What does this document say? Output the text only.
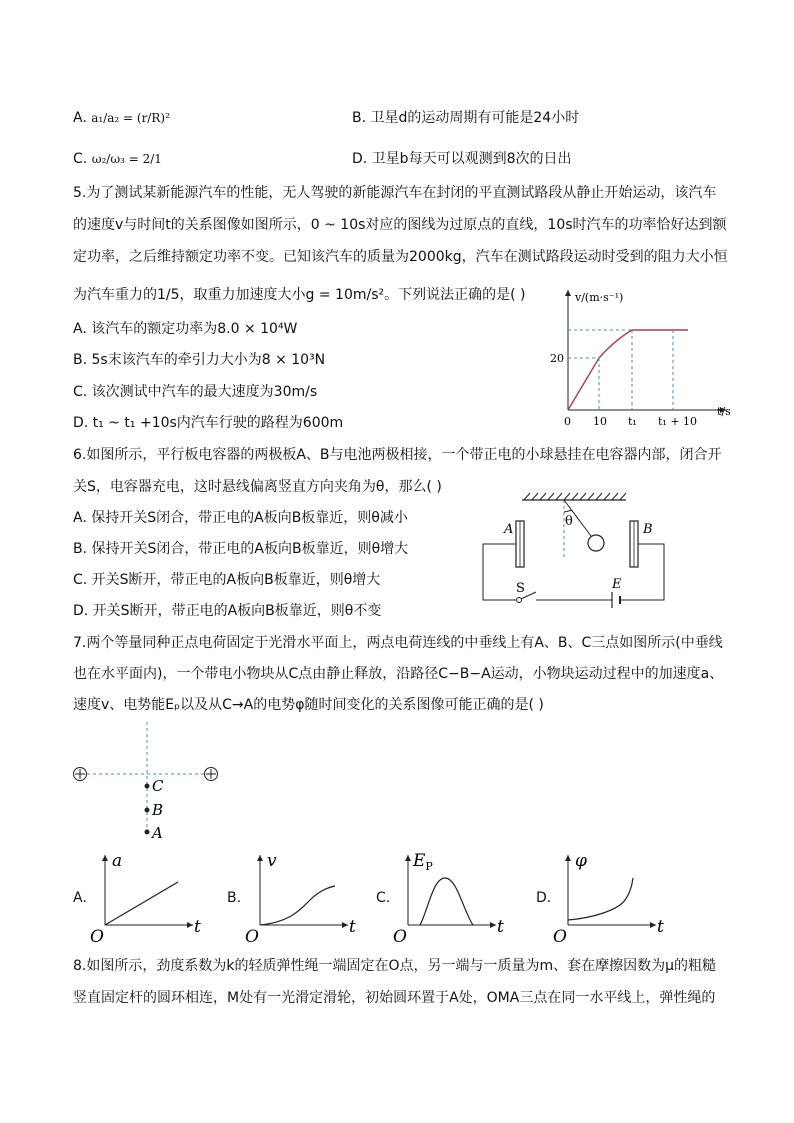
A. a₁/a₂ = (r/R)²	B. 卫星d的运动周期有可能是24小时
C. ω₂/ω₃ = 2/1	D. 卫星b每天可以观测到8次的日出
5.为了测试某新能源汽车的性能，无人驾驶的新能源汽车在封闭的平直测试路段从静止开始运动，该汽车
的速度v与时间t的关系图像如图所示，0 ~ 10s对应的图线为过原点的直线，10s时汽车的功率恰好达到额
定功率，之后维持额定功率不变。已知该汽车的质量为2000kg，汽车在测试路段运动时受到的阻力大小恒
为汽车重力的1/5，取重力加速度大小g = 10m/s²。下列说法正确的是( )
A. 该汽车的额定功率为8.0 × 10⁴W
B. 5s末该汽车的牵引力大小为8 × 10³N
C. 该次测试中汽车的最大速度为30m/s
D. t₁ ~ t₁ +10s内汽车行驶的路程为600m
v/(m·s⁻¹)
t/s
20
0 10 t₁ t₁ + 10
6.如图所示，平行板电容器的两极板A、B与电池两极相接，一个带正电的小球悬挂在电容器内部，闭合开
关S，电容器充电，这时悬线偏离竖直方向夹角为θ，那么( )
A. 保持开关S闭合，带正电的A板向B板靠近，则θ减小
B. 保持开关S闭合，带正电的A板向B板靠近，则θ增大
C. 开关S断开，带正电的A板向B板靠近，则θ增大
D. 开关S断开，带正电的A板向B板靠近，则θ不变
θ
A	B
S	E
7.两个等量同种正点电荷固定于光滑水平面上，两点电荷连线的中垂线上有A、B、C三点如图所示(中垂线
也在水平面内)，一个带电小物块从C点由静止释放，沿路径C−B−A运动，小物块运动过程中的加速度a、
速度v、电势能Eₚ以及从C→A的电势φ随时间变化的关系图像可能正确的是( )
C
B
A
A.
a
t
O
B.
v
t
O
C.
$E_P$
t
O
D.
φ
t
O
8.如图所示，劲度系数为k的轻质弹性绳一端固定在O点，另一端与一质量为m、套在摩擦因数为μ的粗糙
竖直固定杆的圆环相连，M处有一光滑定滑轮，初始圆环置于A处，OMA三点在同一水平线上，弹性绳的
